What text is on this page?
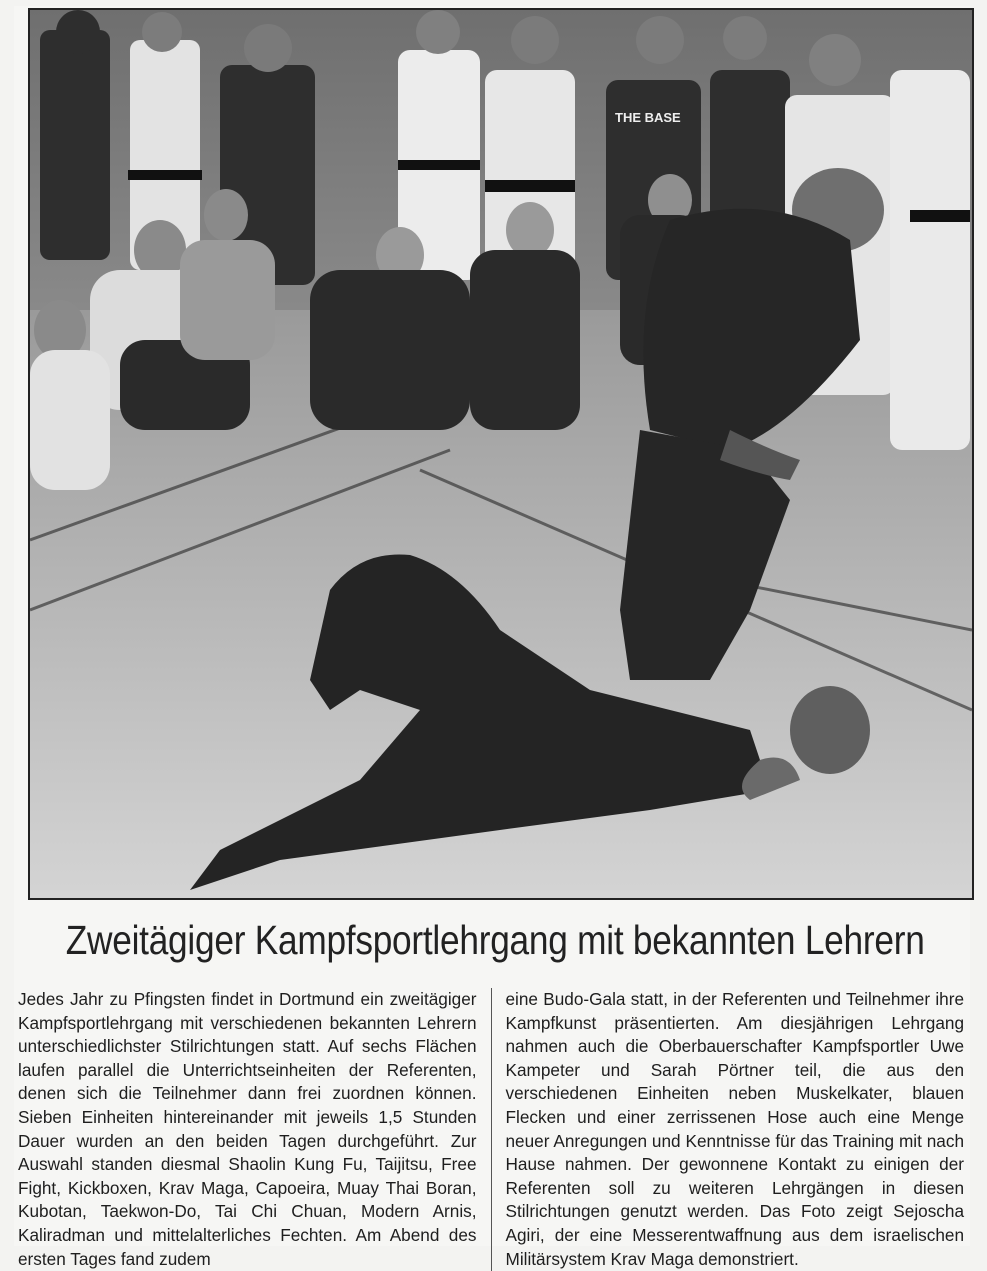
THE BASE
Zweitägiger Kampfsportlehrgang mit bekannten Lehrern

Jedes Jahr zu Pfingsten findet in Dortmund ein zweitägiger Kampfsportlehrgang mit verschiedenen bekannten Lehrern unterschiedlichster Stilrichtungen statt. Auf sechs Flächen laufen parallel die Unterrichtseinheiten der Referenten, denen sich die Teilnehmer dann frei zuordnen können. Sieben Einheiten hintereinander mit jeweils 1,5 Stunden Dauer wurden an den beiden Tagen durchgeführt. Zur Auswahl standen diesmal Shaolin Kung Fu, Taijitsu, Free Fight, Kickboxen, Krav Maga, Capoeira, Muay Thai Boran, Kubotan, Taekwon-Do, Tai Chi Chuan, Modern Arnis, Kaliradman und mittelalterliches Fechten. Am Abend des ersten Tages fand zudem

eine Budo-Gala statt, in der Referenten und Teilnehmer ihre Kampfkunst präsentierten. Am diesjährigen Lehrgang nahmen auch die Oberbauerschafter Kampfsportler Uwe Kampeter und Sarah Pörtner teil, die aus den verschiedenen Einheiten neben Muskelkater, blauen Flecken und einer zerrissenen Hose auch eine Menge neuer Anregungen und Kenntnisse für das Training mit nach Hause nahmen. Der gewonnene Kontakt zu einigen der Referenten soll zu weiteren Lehrgängen in diesen Stilrichtungen genutzt werden. Das Foto zeigt Sejoscha Agiri, der eine Messerentwaffnung aus dem israelischen Militärsystem Krav Maga demonstriert.
